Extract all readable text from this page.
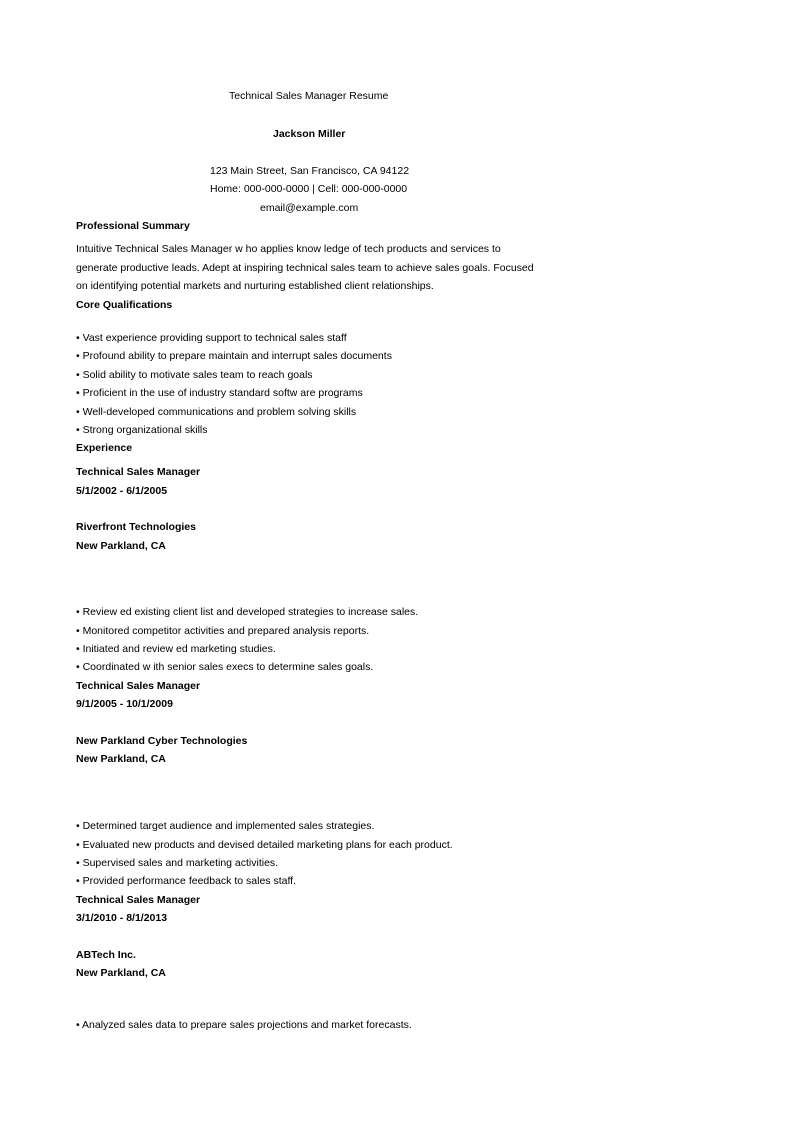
Technical Sales Manager Resume
Jackson Miller
123 Main Street, San Francisco, CA 94122
Home: 000-000-0000 | Cell: 000-000-0000
email@example.com
Professional Summary
Intuitive Technical Sales Manager w ho applies know ledge of tech products and services to
generate productive leads. Adept at inspiring technical sales team to achieve sales goals. Focused
on identifying potential markets and nurturing established client relationships.
Core Qualifications
• Vast experience providing support to technical sales staff
• Profound ability to prepare maintain and interrupt sales documents
• Solid ability to motivate sales team to reach goals
• Proficient in the use of industry standard softw are programs
• Well-developed communications and problem solving skills
• Strong organizational skills
Experience
Technical Sales Manager
5/1/2002 - 6/1/2005
Riverfront Technologies
New Parkland, CA
• Review ed existing client list and developed strategies to increase sales.
• Monitored competitor activities and prepared analysis reports.
• Initiated and review ed marketing studies.
• Coordinated w ith senior sales execs to determine sales goals.
Technical Sales Manager
9/1/2005 - 10/1/2009
New Parkland Cyber Technologies
New Parkland, CA
• Determined target audience and implemented sales strategies.
• Evaluated new products and devised detailed marketing plans for each product.
• Supervised sales and marketing activities.
• Provided performance feedback to sales staff.
Technical Sales Manager
3/1/2010 - 8/1/2013
ABTech Inc.
New Parkland, CA
• Analyzed sales data to prepare sales projections and market forecasts.
